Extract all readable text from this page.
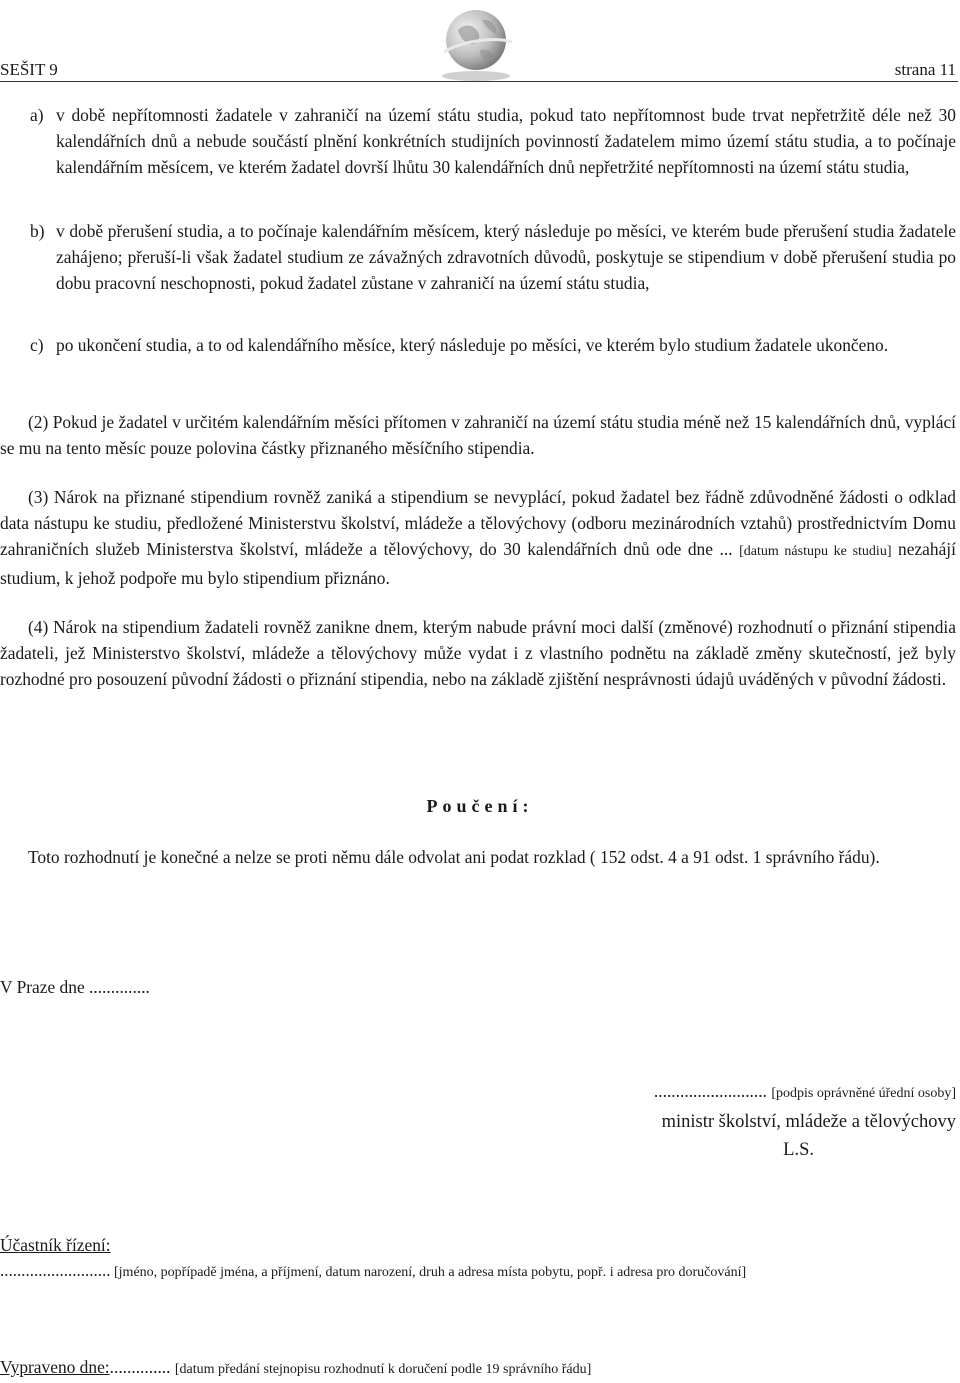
SEŠIT 9	strana 11
a) v době nepřítomnosti žadatele v zahraničí na území státu studia, pokud tato nepřítomnost bude trvat nepřetržitě déle než 30 kalendářních dnů a nebude součástí plnění konkrétních studijních povinností žadatelem mimo území státu studia, a to počínaje kalendářním měsícem, ve kterém žadatel dovrší lhůtu 30 kalendářních dnů nepřetržité nepřítomnosti na území státu studia,
b) v době přerušení studia, a to počínaje kalendářním měsícem, který následuje po měsíci, ve kterém bude přerušení studia žadatele zahájeno; přeruší-li však žadatel studium ze závažných zdravotních důvodů, poskytuje se stipendium v době přerušení studia po dobu pracovní neschopnosti, pokud žadatel zůstane v zahraničí na území státu studia,
c) po ukončení studia, a to od kalendářního měsíce, který následuje po měsíci, ve kterém bylo studium žadatele ukončeno.
(2) Pokud je žadatel v určitém kalendářním měsíci přítomen v zahraničí na území státu studia méně než 15 kalendářních dnů, vyplácí se mu na tento měsíc pouze polovina částky přiznaného měsíčního stipendia.
(3) Nárok na přiznané stipendium rovněž zaniká a stipendium se nevyplácí, pokud žadatel bez řádně zdůvodněné žádosti o odklad data nástupu ke studiu, předložené Ministerstvu školství, mládeže a tělovýchovy (odboru mezinárodních vztahů) prostřednictvím Domu zahraničních služeb Ministerstva školství, mládeže a tělovýchovy, do 30 kalendářních dnů ode dne ... [datum nástupu ke studiu] nezahájí studium, k jehož podpoře mu bylo stipendium přiznáno.
(4) Nárok na stipendium žadateli rovněž zanikne dnem, kterým nabude právní moci další (změnové) rozhodnutí o přiznání stipendia žadateli, jež Ministerstvo školství, mládeže a tělovýchovy může vydat i z vlastního podnětu na základě změny skutečností, jež byly rozhodné pro posouzení původní žádosti o přiznání stipendia, nebo na základě zjištění nesprávnosti údajů uváděných v původní žádosti.
Poučení:
Toto rozhodnutí je konečné a nelze se proti němu dále odvolat ani podat rozklad ( 152 odst. 4 a 91 odst. 1 správního řádu).
V Praze dne ..............
.......................... [podpis oprávněné úřední osoby]
ministr školství, mládeže a tělovýchovy
L.S.
Účastník řízení:
.......................... [jméno, popřípadě jména, a příjmení, datum narození, druh a adresa místa pobytu, popř. i adresa pro doručování]
Vypraveno dne:.............. [datum předání stejnopisu rozhodnutí k doručení podle 19 správního řádu]
